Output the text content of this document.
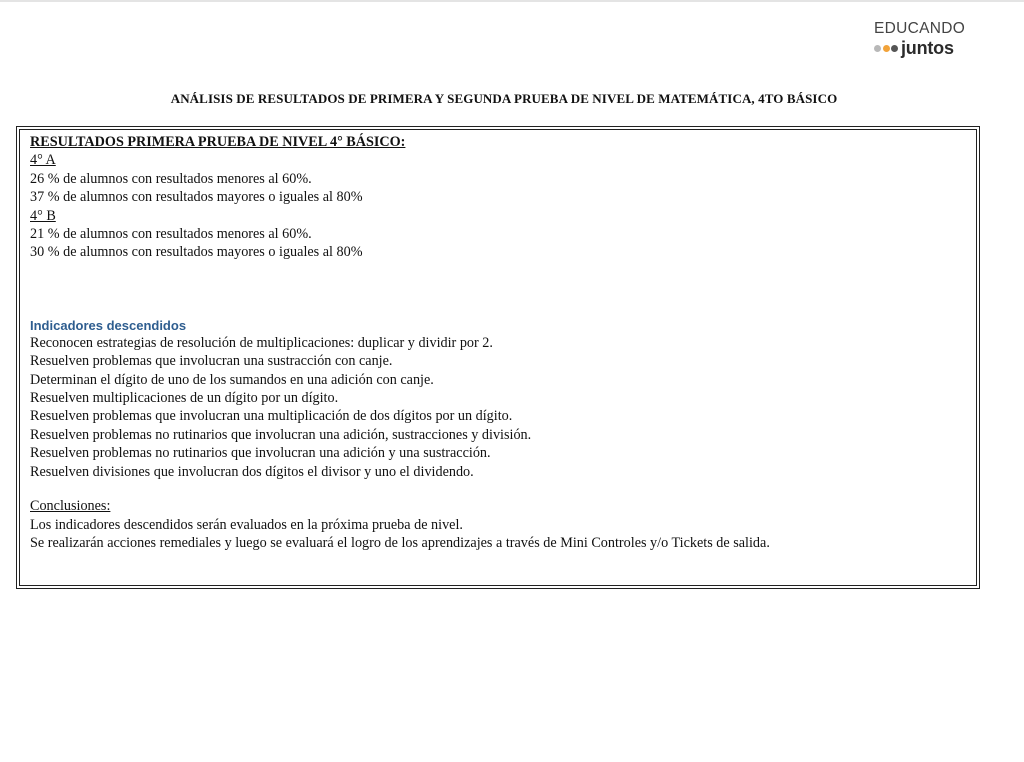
EDUCANDO
juntos
ANÁLISIS DE RESULTADOS DE PRIMERA Y SEGUNDA PRUEBA DE NIVEL DE MATEMÁTICA, 4TO BÁSICO
RESULTADOS PRIMERA PRUEBA DE NIVEL 4° BÁSICO:
4° A
26 % de alumnos con resultados menores al 60%.
37 % de alumnos con resultados mayores o iguales al 80%
4° B
21 % de alumnos con resultados menores al 60%.
30 % de alumnos con resultados mayores o iguales al 80%
Indicadores descendidos
Reconocen estrategias de resolución de multiplicaciones: duplicar y dividir por 2.
Resuelven problemas que involucran una sustracción con canje.
Determinan el dígito de uno de los sumandos en una adición con canje.
Resuelven multiplicaciones de un dígito por un dígito.
Resuelven problemas que involucran una multiplicación de dos dígitos por un dígito.
Resuelven problemas no rutinarios que involucran una adición, sustracciones y división.
Resuelven problemas no rutinarios que involucran una adición y una sustracción.
Resuelven divisiones que involucran dos dígitos el divisor y uno el dividendo.
Conclusiones:
Los indicadores descendidos serán evaluados en la próxima prueba de nivel.
Se realizarán acciones remediales y luego se evaluará el logro de los aprendizajes a través de Mini Controles y/o Tickets de salida.
